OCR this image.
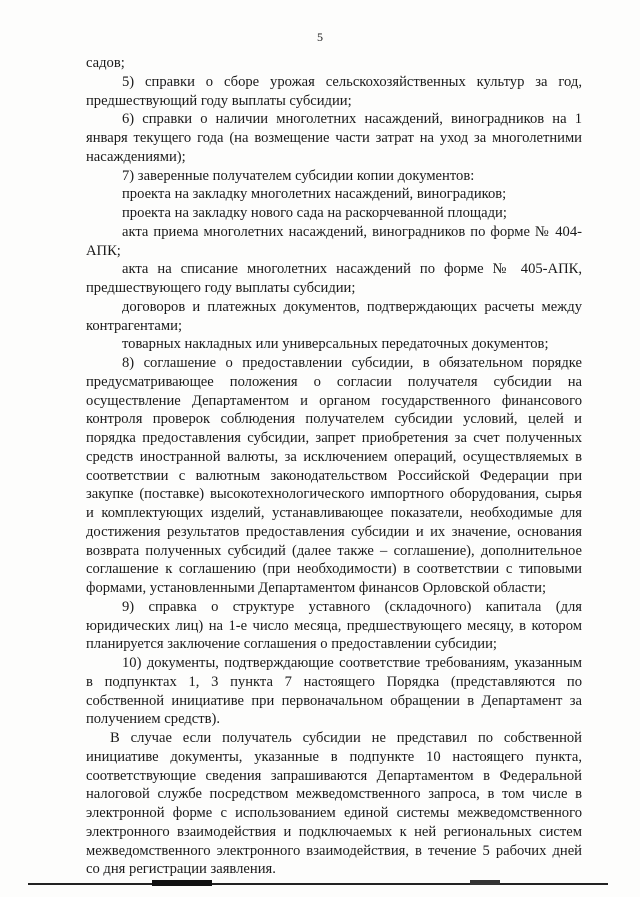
5

садов;

5) справки о сборе урожая сельскохозяйственных культур за год, предшествующий году выплаты субсидии;

6) справки о наличии многолетних насаждений, виноградников на 1 января текущего года (на возмещение части затрат на уход за многолетними насаждениями);

7) заверенные получателем субсидии копии документов:

проекта на закладку многолетних насаждений, виноградиков;

проекта на закладку нового сада на раскорчеванной площади;

акта приема многолетних насаждений, виноградников по форме № 404-АПК;

акта на списание многолетних насаждений по форме № 405-АПК, предшествующего году выплаты субсидии;

договоров и платежных документов, подтверждающих расчеты между контрагентами;

товарных накладных или универсальных передаточных документов;

8) соглашение о предоставлении субсидии, в обязательном порядке предусматривающее положения о согласии получателя субсидии на осуществление Департаментом и органом государственного финансового контроля проверок соблюдения получателем субсидии условий, целей и порядка предоставления субсидии, запрет приобретения за счет полученных средств иностранной валюты, за исключением операций, осуществляемых в соответствии с валютным законодательством Российской Федерации при закупке (поставке) высокотехнологического импортного оборудования, сырья и комплектующих изделий, устанавливающее показатели, необходимые для достижения результатов предоставления субсидии и их значение, основания возврата полученных субсидий (далее также – соглашение), дополнительное соглашение к соглашению (при необходимости) в соответствии с типовыми формами, установленными Департаментом финансов Орловской области;

9) справка о структуре уставного (складочного) капитала (для юридических лиц) на 1-е число месяца, предшествующего месяцу, в котором планируется заключение соглашения о предоставлении субсидии;

10) документы, подтверждающие соответствие требованиям, указанным в подпунктах 1, 3 пункта 7 настоящего Порядка (представляются по собственной инициативе при первоначальном обращении в Департамент за получением средств).

В случае если получатель субсидии не представил по собственной инициативе документы, указанные в подпункте 10 настоящего пункта, соответствующие сведения запрашиваются Департаментом в Федеральной налоговой службе посредством межведомственного запроса, в том числе в электронной форме с использованием единой системы межведомственного электронного взаимодействия и подключаемых к ней региональных систем межведомственного электронного взаимодействия, в течение 5 рабочих дней со дня регистрации заявления.
